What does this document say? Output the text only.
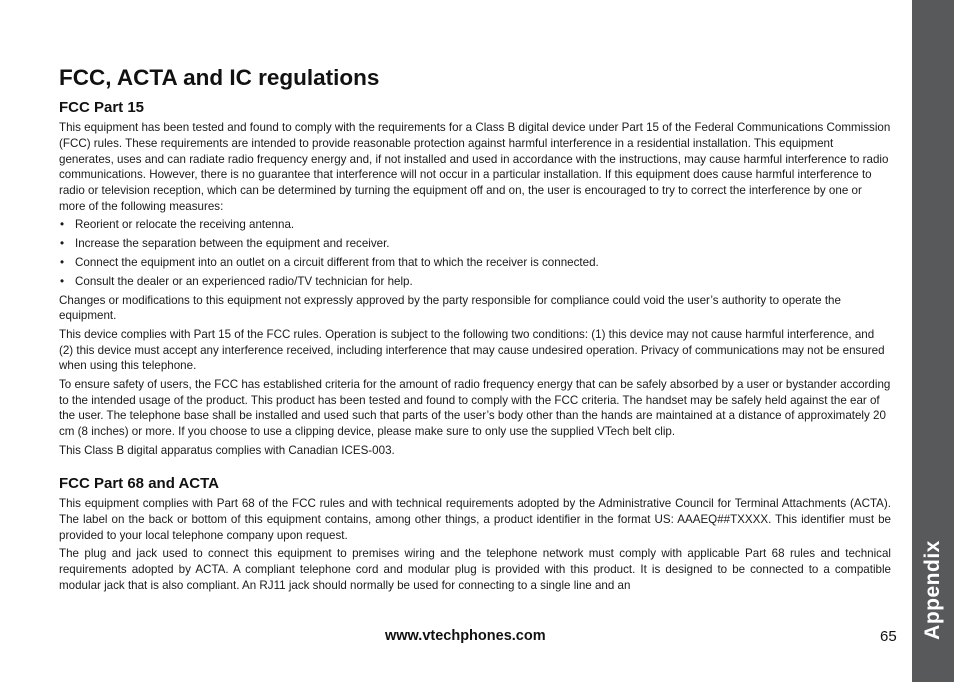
Appendix
FCC, ACTA and IC regulations
FCC Part 15

This equipment has been tested and found to comply with the requirements for a Class B digital device under Part 15 of the Federal Communications Commission (FCC) rules. These requirements are intended to provide reasonable protection against harmful interference in a residential installation. This equipment generates, uses and can radiate radio frequency energy and, if not installed and used in accordance with the instructions, may cause harmful interference to radio communications. However, there is no guarantee that interference will not occur in a particular installation. If this equipment does cause harmful interference to radio or television reception, which can be determined by turning the equipment off and on, the user is encouraged to try to correct the interference by one or more of the following measures:

• Reorient or relocate the receiving antenna.
• Increase the separation between the equipment and receiver.
• Connect the equipment into an outlet on a circuit different from that to which the receiver is connected.
• Consult the dealer or an experienced radio/TV technician for help.

Changes or modifications to this equipment not expressly approved by the party responsible for compliance could void the user’s authority to operate the equipment.

This device complies with Part 15 of the FCC rules. Operation is subject to the following two conditions: (1) this device may not cause harmful interference, and (2) this device must accept any interference received, including interference that may cause undesired operation. Privacy of communications may not be ensured when using this telephone.

To ensure safety of users, the FCC has established criteria for the amount of radio frequency energy that can be safely absorbed by a user or bystander according to the intended usage of the product. This product has been tested and found to comply with the FCC criteria. The handset may be safely held against the ear of the user. The telephone base shall be installed and used such that parts of the user’s body other than the hands are maintained at a distance of approximately 20 cm (8 inches) or more. If you choose to use a clipping device, please make sure to only use the supplied VTech belt clip.

This Class B digital apparatus complies with Canadian ICES-003.

FCC Part 68 and ACTA

This equipment complies with Part 68 of the FCC rules and with technical requirements adopted by the Administrative Council for Terminal Attachments (ACTA). The label on the back or bottom of this equipment contains, among other things, a product identifier in the format US: AAAEQ##TXXXX. This identifier must be provided to your local telephone company upon request.

The plug and jack used to connect this equipment to premises wiring and the telephone network must comply with applicable Part 68 rules and technical requirements adopted by ACTA. A compliant telephone cord and modular plug is provided with this product. It is designed to be connected to a compatible modular jack that is also compliant. An RJ11 jack should normally be used for connecting to a single line and an

www.vtechphones.com	65
